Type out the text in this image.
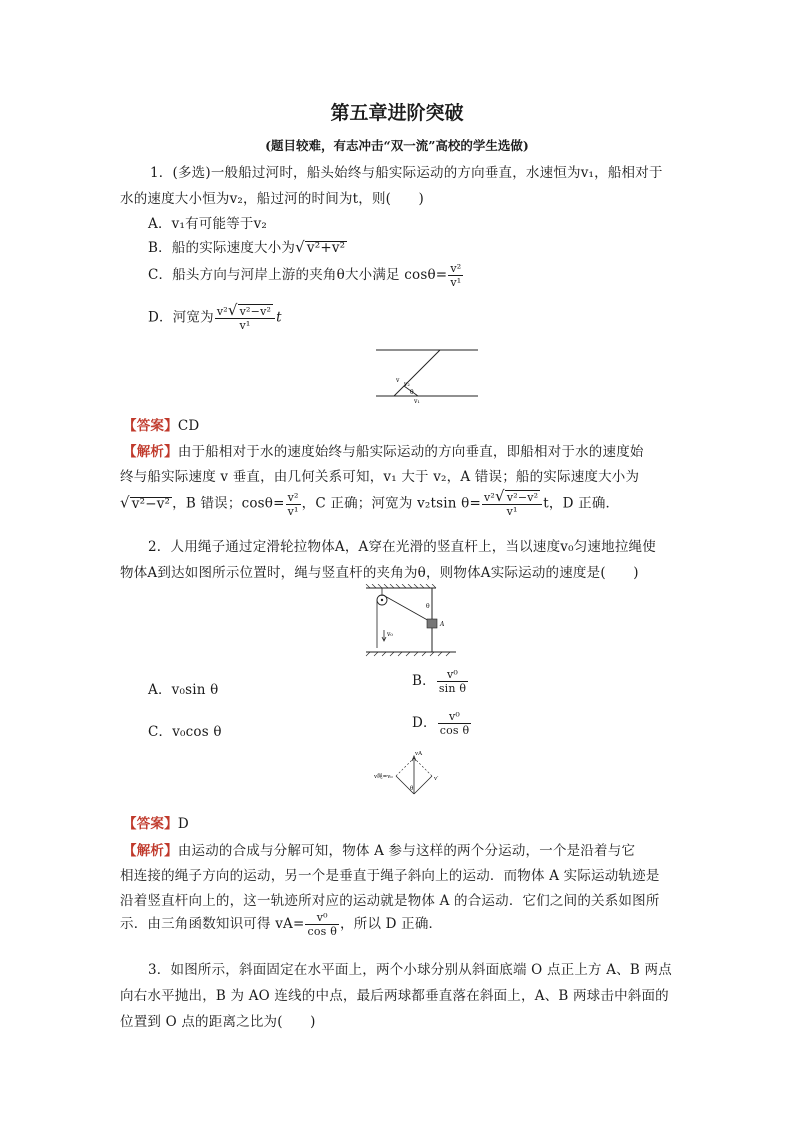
第五章进阶突破
(题目较难，有志冲击“双一流”高校的学生选做)
1．(多选)一般船过河时，船头始终与船实际运动的方向垂直，水速恒为v₁，船相对于
水的速度大小恒为v₂，船过河的时间为t，则(　　)
A．v₁有可能等于v₂
B．船的实际速度大小为√ v²+v²
C．船头方向与河岸上游的夹角θ大小满足 $\cos\theta= \frac{\text{v²}}{\text{v¹}}$
D．河宽为 $\frac{\text{v²√ v²−v²}}{\text{v¹}}$ t
v
v₂
θ
v₁
【答案】CD
【解析】由于船相对于水的速度始终与船实际运动的方向垂直，即船相对于水的速度始
终与船实际速度 v 垂直，由几何关系可知，v₁ 大于 v₂，A 错误；船的实际速度大小为
√ v²−v² ，B 错误；$\cos\theta= \frac{\text{v²}}{\text{v¹}}$ ，C 正确；河宽为 v₂tsin $\theta= \frac{\text{v²√ v²−v²}}{\text{v¹}}$ t，D 正确．
2．人用绳子通过定滑轮拉物体A，A穿在光滑的竖直杆上，当以速度v₀匀速地拉绳使
物体A到达如图所示位置时，绳与竖直杆的夹角为θ，则物体A实际运动的速度是(　　)
θ
A
v₀
A．v₀sin θ
B． $\frac{\text{v⁰}}{\text{sin θ}}$
C．v₀cos θ
D． $\frac{\text{v⁰}}{\text{cos θ}}$
vA
v绳=v₀
θ
v′
【答案】D
【解析】由运动的合成与分解可知，物体 A 参与这样的两个分运动，一个是沿着与它
相连接的绳子方向的运动，另一个是垂直于绳子斜向上的运动．而物体 A 实际运动轨迹是
沿着竖直杆向上的，这一轨迹所对应的运动就是物体 A 的合运动．它们之间的关系如图所
示．由三角函数知识可得 $vA= \frac{\text{v⁰}}{\text{cos θ}}$ ，所以 D 正确．
3．如图所示，斜面固定在水平面上，两个小球分别从斜面底端 O 点正上方 A、B 两点
向右水平抛出，B 为 AO 连线的中点，最后两球都垂直落在斜面上，A、B 两球击中斜面的
位置到 O 点的距离之比为(　　)
